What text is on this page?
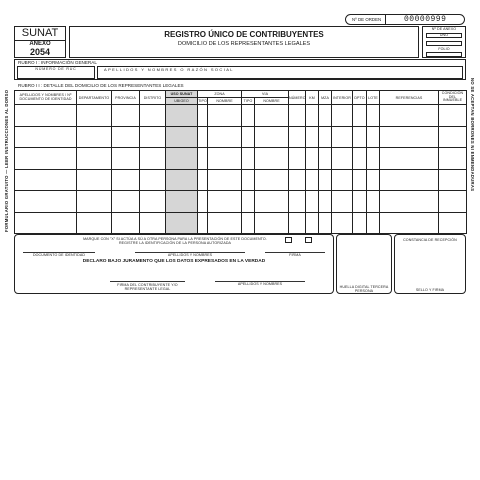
FORMULARIO GRATUITO — LEER INSTRUCCIONES AL DORSO	NO SE ACEPTAN BORRONES NI ENMENDADURAS
Nº DE ORDEN	00000999
SUNAT
ANEXO
2054
REGISTRO ÚNICO DE CONTRIBUYENTES
DOMICILIO DE LOS REPRESENTANTES LEGALES
Nº DE ANEXO
UNO
FOLIO
RUBRO I : INFORMACIÓN GENERAL
NÚMERO DE RUC	APELLIDOS Y NOMBRES O RAZÓN SOCIAL
RUBRO I I : DETALLE DEL DOMICILIO DE LOS REPRESENTANTES LEGALES
APELLIDOS Y NOMBRES / Nº DOCUMENTO DE IDENTIDAD	DEPARTAMENTO	PROVINCIA	DISTRITO	USO SUNAT	ZONA		VIA		NÚMERO	KM	MZA	INTERIOR	DPTO	LOTE	REFERENCIAS	CONDICIÓN DEL INMUEBLE
				UBIGEO	TIPO	NOMBRE	TIPO	NOMBRE								

MARQUE CON "X" SI ACTÚA A SÚ A OTRA PERSONA PARA LA PRESENTACIÓN DE ESTE DOCUMENTO. REGISTRE LA IDENTIFICACIÓN DE LA PERSONA AUTORIZADA
DOCUMENTO DE IDENTIDAD	APELLIDOS Y NOMBRES	FIRMA
DECLARO BAJO JURAMENTO QUE LOS DATOS EXPRESADOS EN LA VERDAD
FIRMA DEL CONTRIBUYENTE Y/O REPRESENTANTE LEGAL
APELLIDOS Y NOMBRES
HUELLA DIGITAL TERCERA PERSONA
CONSTANCIA DE RECEPCIÓN
SELLO Y FIRMA
